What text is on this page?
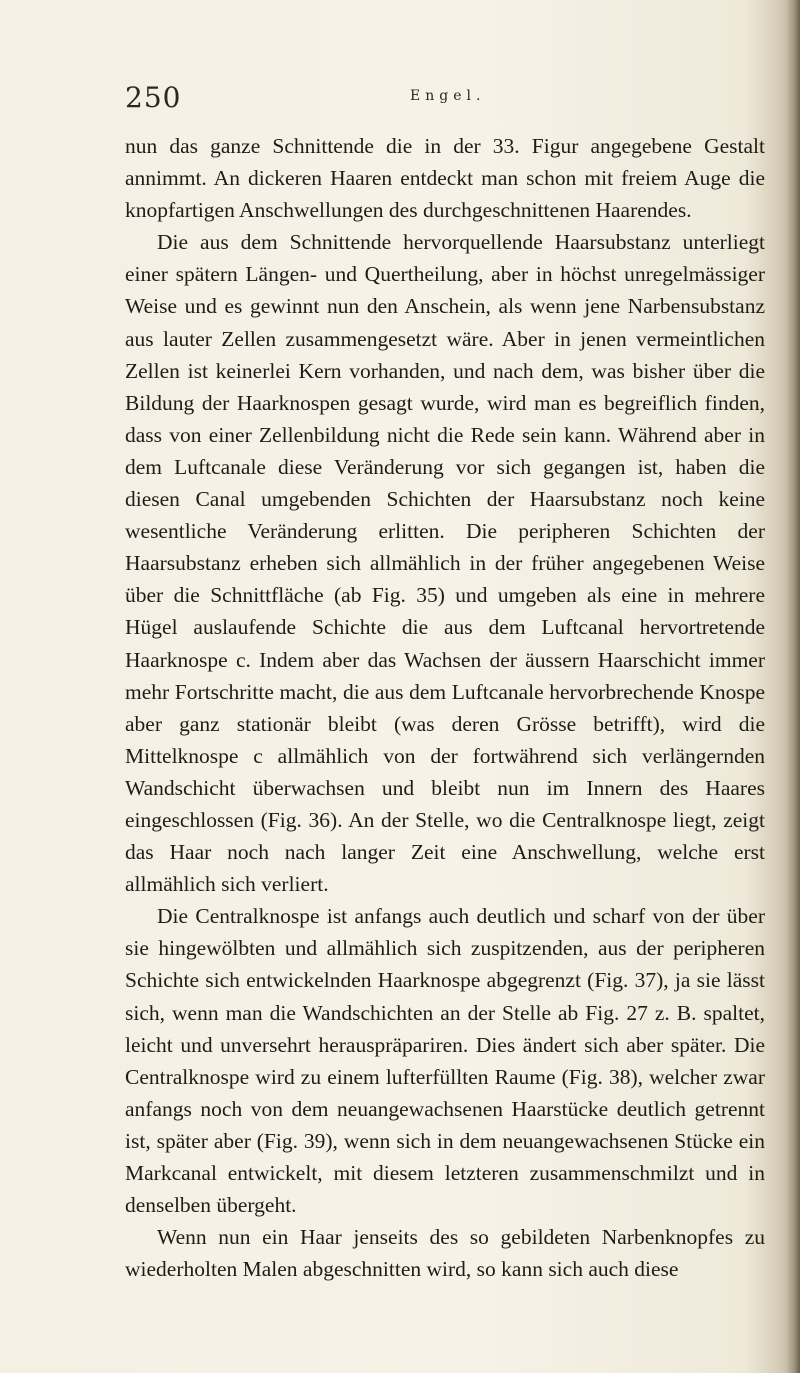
250	Engel.

nun das ganze Schnittende die in der 33. Figur angegebene Gestalt annimmt. An dickeren Haaren entdeckt man schon mit freiem Auge die knopfartigen Anschwellungen des durchgeschnittenen Haarendes.

Die aus dem Schnittende hervorquellende Haarsubstanz unterliegt einer spätern Längen- und Quertheilung, aber in höchst unregelmässiger Weise und es gewinnt nun den Anschein, als wenn jene Narbensubstanz aus lauter Zellen zusammengesetzt wäre. Aber in jenen vermeintlichen Zellen ist keinerlei Kern vorhanden, und nach dem, was bisher über die Bildung der Haarknospen gesagt wurde, wird man es begreiflich finden, dass von einer Zellenbildung nicht die Rede sein kann. Während aber in dem Luftcanale diese Veränderung vor sich gegangen ist, haben die diesen Canal umgebenden Schichten der Haarsubstanz noch keine wesentliche Veränderung erlitten. Die peripheren Schichten der Haarsubstanz erheben sich allmählich in der früher angegebenen Weise über die Schnittfläche (ab Fig. 35) und umgeben als eine in mehrere Hügel auslaufende Schichte die aus dem Luftcanal hervortretende Haarknospe c. Indem aber das Wachsen der äussern Haarschicht immer mehr Fortschritte macht, die aus dem Luftcanale hervorbrechende Knospe aber ganz stationär bleibt (was deren Grösse betrifft), wird die Mittelknospe c allmählich von der fortwährend sich verlängernden Wandschicht überwachsen und bleibt nun im Innern des Haares eingeschlossen (Fig. 36). An der Stelle, wo die Centralknospe liegt, zeigt das Haar noch nach langer Zeit eine Anschwellung, welche erst allmählich sich verliert.

Die Centralknospe ist anfangs auch deutlich und scharf von der über sie hingewölbten und allmählich sich zuspitzenden, aus der peripheren Schichte sich entwickelnden Haarknospe abgegrenzt (Fig. 37), ja sie lässt sich, wenn man die Wandschichten an der Stelle ab Fig. 27 z. B. spaltet, leicht und unversehrt herauspräpariren. Dies ändert sich aber später. Die Centralknospe wird zu einem lufterfüllten Raume (Fig. 38), welcher zwar anfangs noch von dem neuangewachsenen Haarstücke deutlich getrennt ist, später aber (Fig. 39), wenn sich in dem neuangewachsenen Stücke ein Markcanal entwickelt, mit diesem letzteren zusammenschmilzt und in denselben übergeht.

Wenn nun ein Haar jenseits des so gebildeten Narbenknopfes zu wiederholten Malen abgeschnitten wird, so kann sich auch diese
